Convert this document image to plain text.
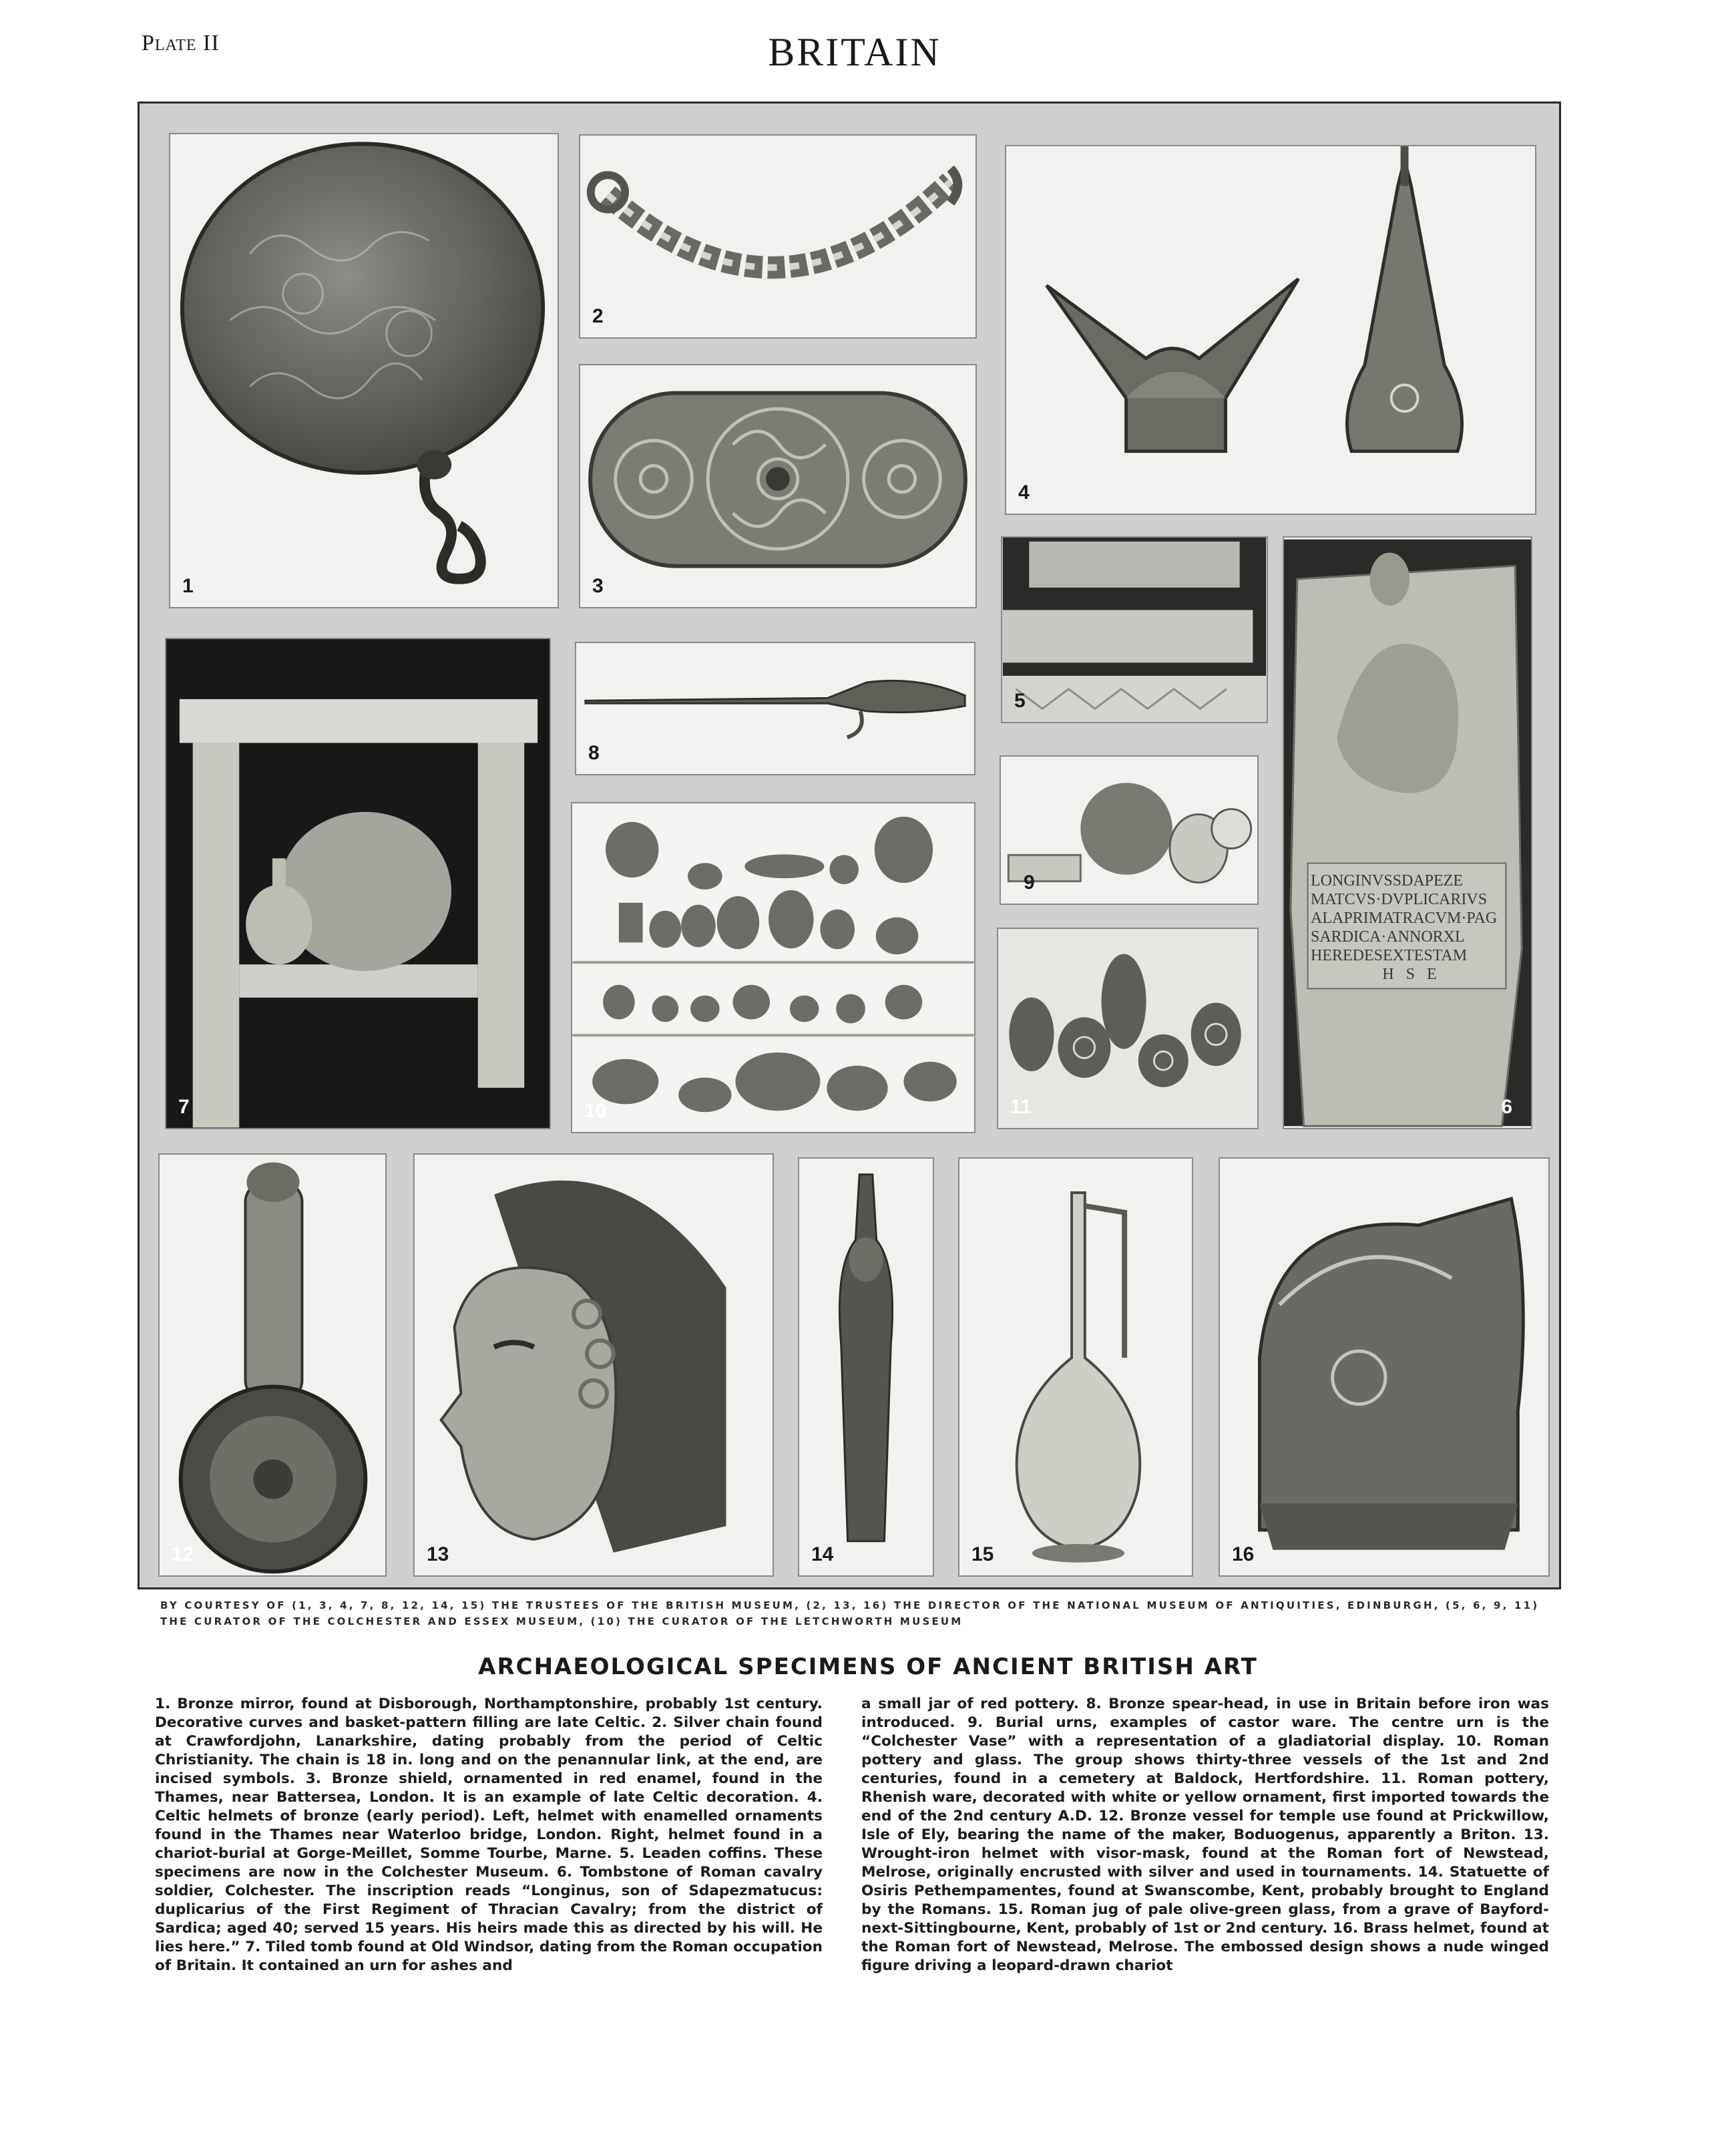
Plate II	BRITAIN
1
2
3
4
5
LONGINVSSDAPEZE
MATCVS·DVPLICARIVS
ALAPRIMATRACVM·PAG
SARDICA·ANNORXL
HEREDESEXTESTAM
H   S   E
6
7
8
9
10	11
12	13	14	15	16
BY COURTESY OF (1, 3, 4, 7, 8, 12, 14, 15) THE TRUSTEES OF THE BRITISH MUSEUM, (2, 13, 16) THE DIRECTOR OF THE NATIONAL MUSEUM OF ANTIQUITIES, EDINBURGH, (5, 6, 9, 11) THE CURATOR OF THE COLCHESTER AND ESSEX MUSEUM, (10) THE CURATOR OF THE LETCHWORTH MUSEUM
ARCHAEOLOGICAL SPECIMENS OF ANCIENT BRITISH ART
1. Bronze mirror, found at Disborough, Northamptonshire, probably 1st century. Decorative curves and basket-pattern filling are late Celtic. 2. Silver chain found at Crawfordjohn, Lanarkshire, dating probably from the period of Celtic Christianity. The chain is 18 in. long and on the penannular link, at the end, are incised symbols. 3. Bronze shield, ornamented in red enamel, found in the Thames, near Battersea, London. It is an example of late Celtic decoration. 4. Celtic helmets of bronze (early period). Left, helmet with enamelled ornaments found in the Thames near Waterloo bridge, London. Right, helmet found in a chariot-burial at Gorge-Meillet, Somme Tourbe, Marne. 5. Leaden coffins. These specimens are now in the Colchester Museum. 6. Tombstone of Roman cavalry soldier, Colchester. The inscription reads “Longinus, son of Sdapezmatucus: duplicarius of the First Regiment of Thracian Cavalry; from the district of Sardica; aged 40; served 15 years. His heirs made this as directed by his will. He lies here.” 7. Tiled tomb found at Old Windsor, dating from the Roman occupation of Britain. It contained an urn for ashes and
a small jar of red pottery. 8. Bronze spear-head, in use in Britain before iron was introduced. 9. Burial urns, examples of castor ware. The centre urn is the “Colchester Vase” with a representation of a gladiatorial display. 10. Roman pottery and glass. The group shows thirty-three vessels of the 1st and 2nd centuries, found in a cemetery at Baldock, Hertfordshire. 11. Roman pottery, Rhenish ware, decorated with white or yellow ornament, first imported towards the end of the 2nd century A.D. 12. Bronze vessel for temple use found at Prickwillow, Isle of Ely, bearing the name of the maker, Boduogenus, apparently a Briton. 13. Wrought-iron helmet with visor-mask, found at the Roman fort of Newstead, Melrose, originally encrusted with silver and used in tournaments. 14. Statuette of Osiris Pethempamentes, found at Swanscombe, Kent, probably brought to England by the Romans. 15. Roman jug of pale olive-green glass, from a grave of Bayford-next-Sittingbourne, Kent, probably of 1st or 2nd century. 16. Brass helmet, found at the Roman fort of Newstead, Melrose. The embossed design shows a nude winged figure driving a leopard-drawn chariot
